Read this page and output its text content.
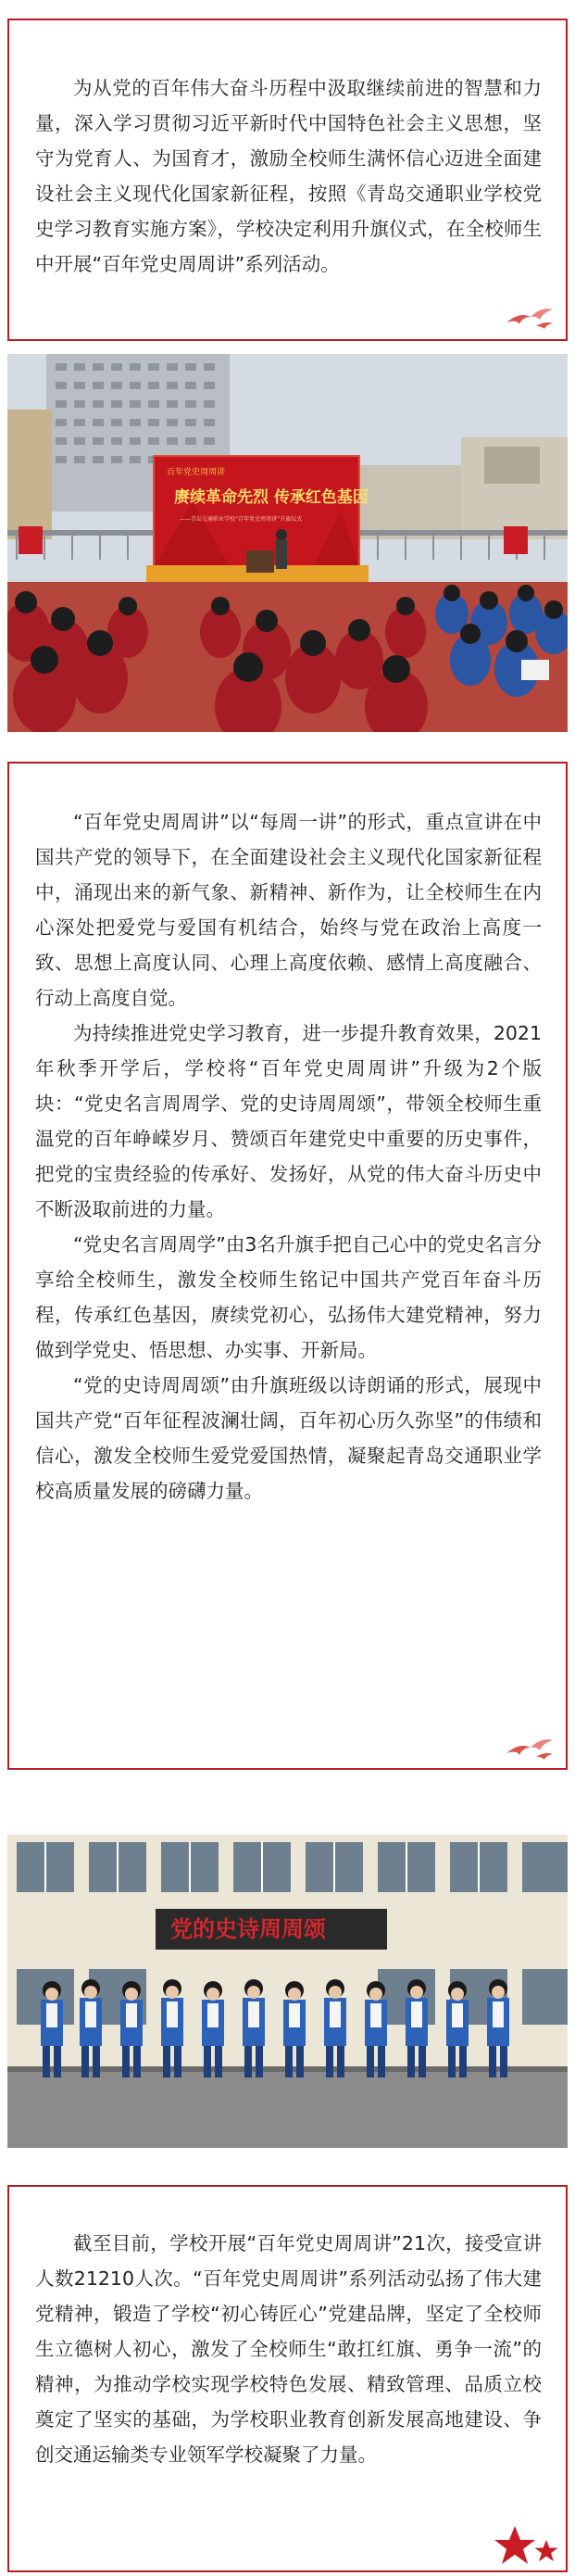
为从党的百年伟大奋斗历程中汲取继续前进的智慧和力量，深入学习贯彻习近平新时代中国特色社会主义思想，坚守为党育人、为国育才，激励全校师生满怀信心迈进全面建设社会主义现代化国家新征程，按照《青岛交通职业学校党史学习教育实施方案》，学校决定利用升旗仪式，在全校师生中开展“百年党史周周讲”系列活动。

百年党史周周讲
赓续革命先烈 传承红色基因
——青岛交通职业学校“百年党史周周讲”升旗仪式

“百年党史周周讲”以“每周一讲”的形式，重点宣讲在中国共产党的领导下，在全面建设社会主义现代化国家新征程中，涌现出来的新气象、新精神、新作为，让全校师生在内心深处把爱党与爱国有机结合，始终与党在政治上高度一致、思想上高度认同、心理上高度依赖、感情上高度融合、行动上高度自觉。

为持续推进党史学习教育，进一步提升教育效果，2021年秋季开学后，学校将“百年党史周周讲”升级为2个版块：“党史名言周周学、党的史诗周周颂”，带领全校师生重温党的百年峥嵘岁月、赞颂百年建党史中重要的历史事件，把党的宝贵经验的传承好、发扬好，从党的伟大奋斗历史中不断汲取前进的力量。

“党史名言周周学”由3名升旗手把自己心中的党史名言分享给全校师生，激发全校师生铭记中国共产党百年奋斗历程，传承红色基因，赓续党初心，弘扬伟大建党精神，努力做到学党史、悟思想、办实事、开新局。

“党的史诗周周颂”由升旗班级以诗朗诵的形式，展现中国共产党“百年征程波澜壮阔，百年初心历久弥坚”的伟绩和信心，激发全校师生爱党爱国热情，凝聚起青岛交通职业学校高质量发展的磅礴力量。

党的史诗周周颂

截至目前，学校开展“百年党史周周讲”21次，接受宣讲人数21210人次。“百年党史周周讲”系列活动弘扬了伟大建党精神，锻造了学校“初心铸匠心”党建品牌，坚定了全校师生立德树人初心，激发了全校师生“敢扛红旗、勇争一流”的精神，为推动学校实现学校特色发展、精致管理、品质立校奠定了坚实的基础，为学校职业教育创新发展高地建设、争创交通运输类专业领军学校凝聚了力量。
